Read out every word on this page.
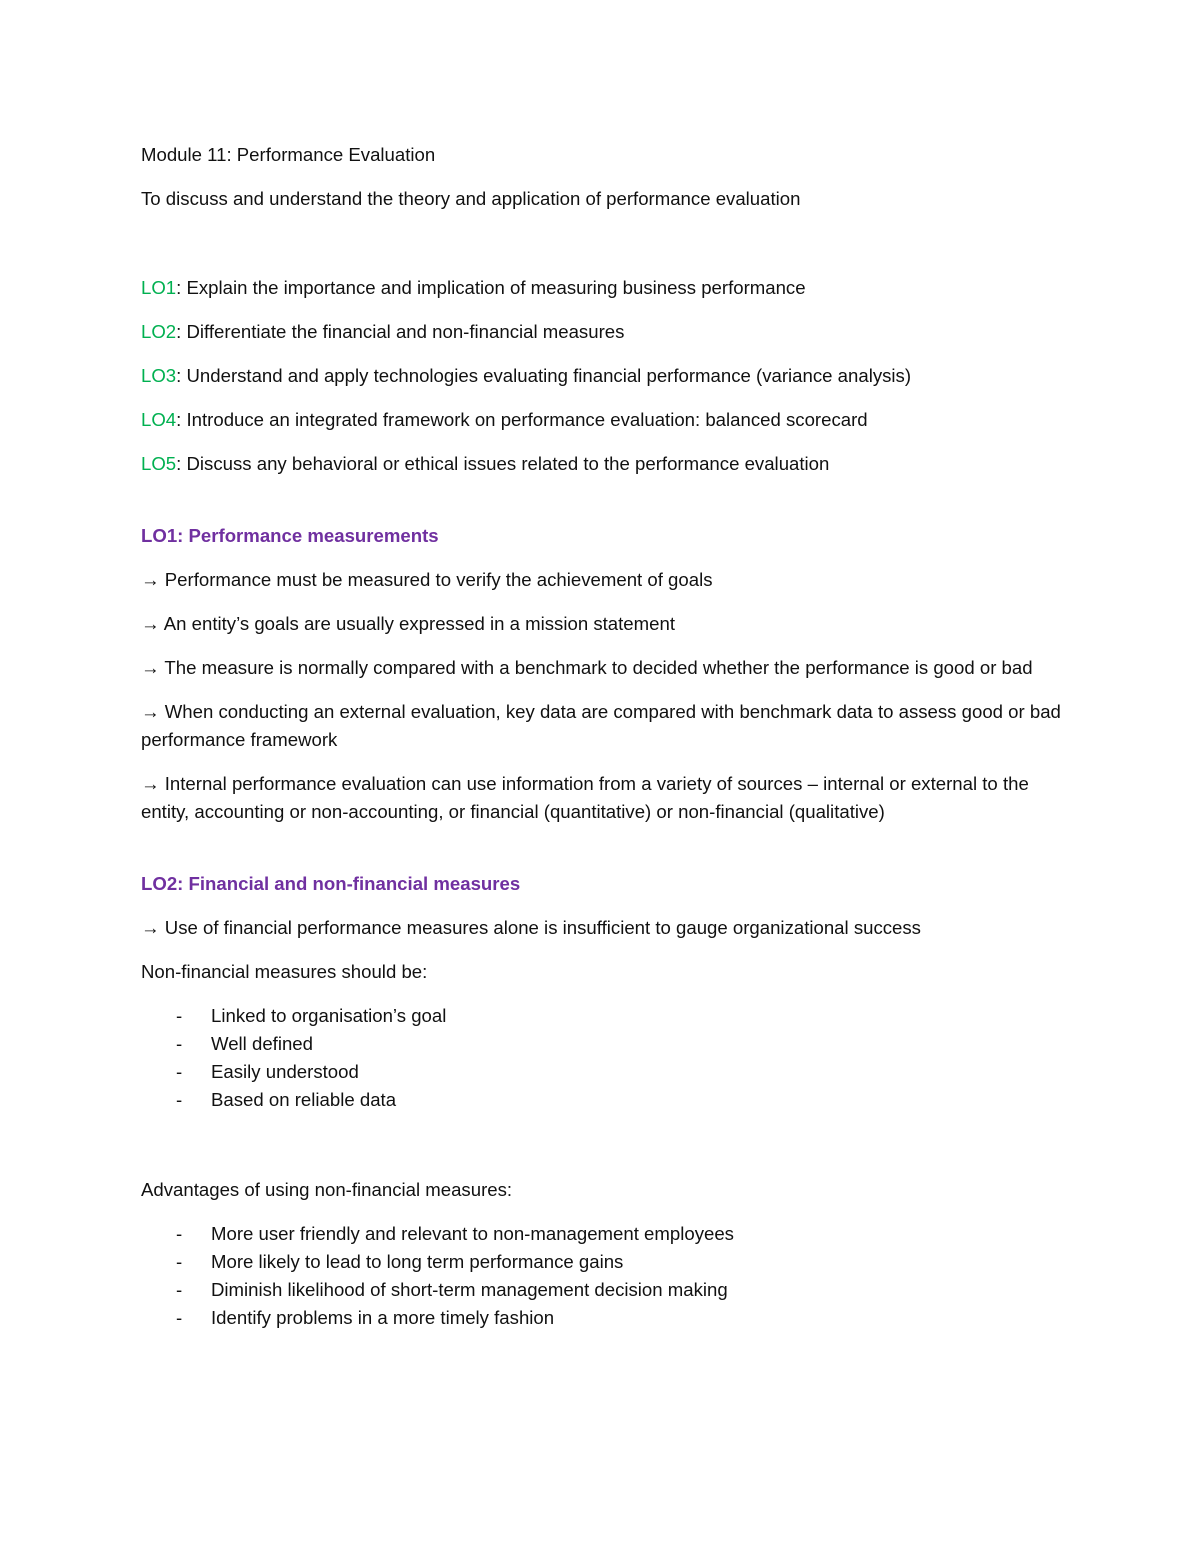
Module 11: Performance Evaluation

To discuss and understand the theory and application of performance evaluation

LO1: Explain the importance and implication of measuring business performance

LO2: Differentiate the financial and non-financial measures

LO3: Understand and apply technologies evaluating financial performance (variance analysis)

LO4: Introduce an integrated framework on performance evaluation: balanced scorecard

LO5: Discuss any behavioral or ethical issues related to the performance evaluation

LO1: Performance measurements

→ Performance must be measured to verify the achievement of goals

→ An entity’s goals are usually expressed in a mission statement

→ The measure is normally compared with a benchmark to decided whether the performance is good or bad

→ When conducting an external evaluation, key data are compared with benchmark data to assess good or bad performance framework

→ Internal performance evaluation can use information from a variety of sources – internal or external to the entity, accounting or non-accounting, or financial (quantitative) or non-financial (qualitative)

LO2: Financial and non-financial measures

→ Use of financial performance measures alone is insufficient to gauge organizational success

Non-financial measures should be:

- Linked to organisation’s goal
- Well defined
- Easily understood
- Based on reliable data

Advantages of using non-financial measures:

- More user friendly and relevant to non-management employees
- More likely to lead to long term performance gains
- Diminish likelihood of short-term management decision making
- Identify problems in a more timely fashion
